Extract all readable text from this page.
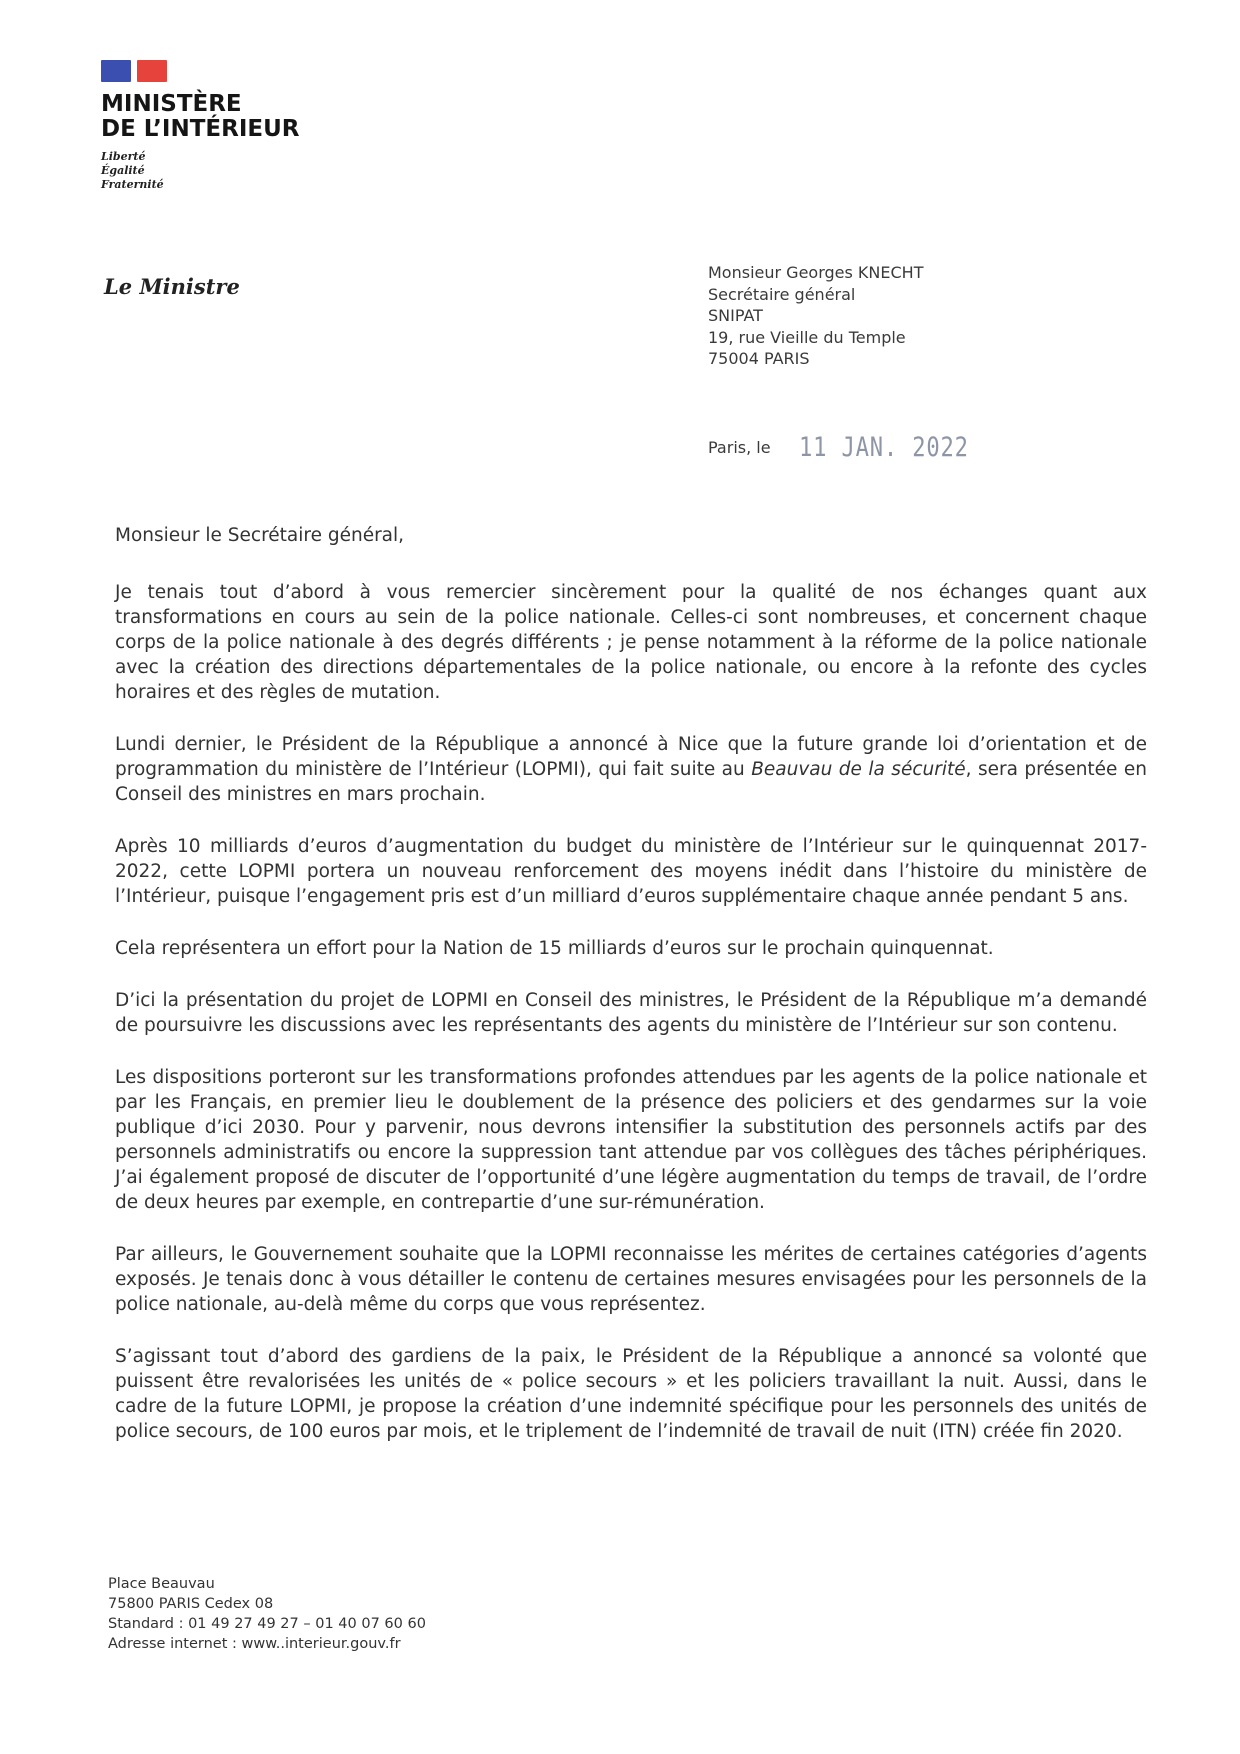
MINISTÈRE
DE L’INTÉRIEUR
Liberté
Égalité
Fraternité
Le Ministre
Monsieur Georges KNECHT
Secrétaire général
SNIPAT
19, rue Vieille du Temple
75004 PARIS
Paris, le 11 JAN. 2022
Monsieur le Secrétaire général,

Je tenais tout d’abord à vous remercier sincèrement pour la qualité de nos échanges quant aux transformations en cours au sein de la police nationale. Celles-ci sont nombreuses, et concernent chaque corps de la police nationale à des degrés différents ; je pense notamment à la réforme de la police nationale avec la création des directions départementales de la police nationale, ou encore à la refonte des cycles horaires et des règles de mutation.

Lundi dernier, le Président de la République a annoncé à Nice que la future grande loi d’orientation et de programmation du ministère de l’Intérieur (LOPMI), qui fait suite au Beauvau de la sécurité, sera présentée en Conseil des ministres en mars prochain.

Après 10 milliards d’euros d’augmentation du budget du ministère de l’Intérieur sur le quinquennat 2017-2022, cette LOPMI portera un nouveau renforcement des moyens inédit dans l’histoire du ministère de l’Intérieur, puisque l’engagement pris est d’un milliard d’euros supplémentaire chaque année pendant 5 ans.

Cela représentera un effort pour la Nation de 15 milliards d’euros sur le prochain quinquennat.

D’ici la présentation du projet de LOPMI en Conseil des ministres, le Président de la République m’a demandé de poursuivre les discussions avec les représentants des agents du ministère de l’Intérieur sur son contenu.

Les dispositions porteront sur les transformations profondes attendues par les agents de la police nationale et par les Français, en premier lieu le doublement de la présence des policiers et des gendarmes sur la voie publique d’ici 2030. Pour y parvenir, nous devrons intensifier la substitution des personnels actifs par des personnels administratifs ou encore la suppression tant attendue par vos collègues des tâches périphériques. J’ai également proposé de discuter de l’opportunité d’une légère augmentation du temps de travail, de l’ordre de deux heures par exemple, en contrepartie d’une sur-rémunération.

Par ailleurs, le Gouvernement souhaite que la LOPMI reconnaisse les mérites de certaines catégories d’agents exposés. Je tenais donc à vous détailler le contenu de certaines mesures envisagées pour les personnels de la police nationale, au-delà même du corps que vous représentez.

S’agissant tout d’abord des gardiens de la paix, le Président de la République a annoncé sa volonté que puissent être revalorisées les unités de « police secours » et les policiers travaillant la nuit. Aussi, dans le cadre de la future LOPMI, je propose la création d’une indemnité spécifique pour les personnels des unités de police secours, de 100 euros par mois, et le triplement de l’indemnité de travail de nuit (ITN) créée fin 2020.

Place Beauvau
75800 PARIS Cedex 08
Standard : 01 49 27 49 27 – 01 40 07 60 60
Adresse internet : www..interieur.gouv.fr
